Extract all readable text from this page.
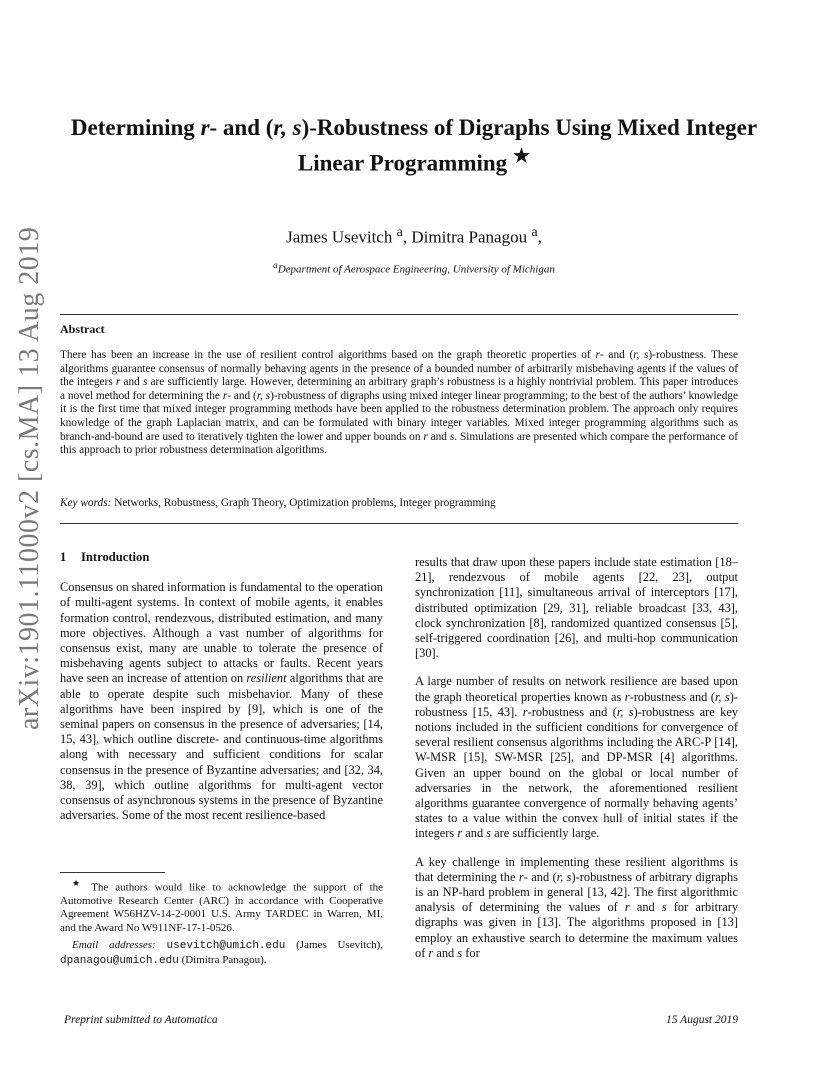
arXiv:1901.11000v2 [cs.MA] 13 Aug 2019
Determining r- and (r, s)-Robustness of Digraphs Using Mixed Integer Linear Programming ★
James Usevitch $^a$, Dimitra Panagou $^a$,
$^a$Department of Aerospace Engineering, University of Michigan
Abstract
There has been an increase in the use of resilient control algorithms based on the graph theoretic properties of r- and (r, s)-robustness. These algorithms guarantee consensus of normally behaving agents in the presence of a bounded number of arbitrarily misbehaving agents if the values of the integers r and s are sufficiently large. However, determining an arbitrary graph’s robustness is a highly nontrivial problem. This paper introduces a novel method for determining the r- and (r, s)-robustness of digraphs using mixed integer linear programming; to the best of the authors’ knowledge it is the first time that mixed integer programming methods have been applied to the robustness determination problem. The approach only requires knowledge of the graph Laplacian matrix, and can be formulated with binary integer variables. Mixed integer programming algorithms such as branch-and-bound are used to iteratively tighten the lower and upper bounds on r and s. Simulations are presented which compare the performance of this approach to prior robustness determination algorithms.
Key words: Networks, Robustness, Graph Theory, Optimization problems, Integer programming
1 Introduction

Consensus on shared information is fundamental to the operation of multi-agent systems. In context of mobile agents, it enables formation control, rendezvous, distributed estimation, and many more objectives. Although a vast number of algorithms for consensus exist, many are unable to tolerate the presence of misbehaving agents subject to attacks or faults. Recent years have seen an increase of attention on resilient algorithms that are able to operate despite such misbehavior. Many of these algorithms have been inspired by [9], which is one of the seminal papers on consensus in the presence of adversaries; [14, 15, 43], which outline discrete- and continuous-time algorithms along with necessary and sufficient conditions for scalar consensus in the presence of Byzantine adversaries; and [32, 34, 38, 39], which outline algorithms for multi-agent vector consensus of asynchronous systems in the presence of Byzantine adversaries. Some of the most recent resilience-based

results that draw upon these papers include state estimation [18–21], rendezvous of mobile agents [22, 23], output synchronization [11], simultaneous arrival of interceptors [17], distributed optimization [29, 31], reliable broadcast [33, 43], clock synchronization [8], randomized quantized consensus [5], self-triggered coordination [26], and multi-hop communication [30].

A large number of results on network resilience are based upon the graph theoretical properties known as r-robustness and (r, s)-robustness [15, 43]. r-robustness and (r, s)-robustness are key notions included in the sufficient conditions for convergence of several resilient consensus algorithms including the ARC-P [14], W-MSR [15], SW-MSR [25], and DP-MSR [4] algorithms. Given an upper bound on the global or local number of adversaries in the network, the aforementioned resilient algorithms guarantee convergence of normally behaving agents’ states to a value within the convex hull of initial states if the integers r and s are sufficiently large.

A key challenge in implementing these resilient algorithms is that determining the r- and (r, s)-robustness of arbitrary digraphs is an NP-hard problem in general [13, 42]. The first algorithmic analysis of determining the values of r and s for arbitrary digraphs was given in [13]. The algorithms proposed in [13] employ an exhaustive search to determine the maximum values of r and s for

★ The authors would like to acknowledge the support of the Automotive Research Center (ARC) in accordance with Cooperative Agreement W56HZV-14-2-0001 U.S. Army TARDEC in Warren, MI, and the Award No W911NF-17-1-0526.

Email addresses: usevitch@umich.edu (James Usevitch), dpanagou@umich.edu (Dimitra Panagou).

Preprint submitted to Automatica	15 August 2019
